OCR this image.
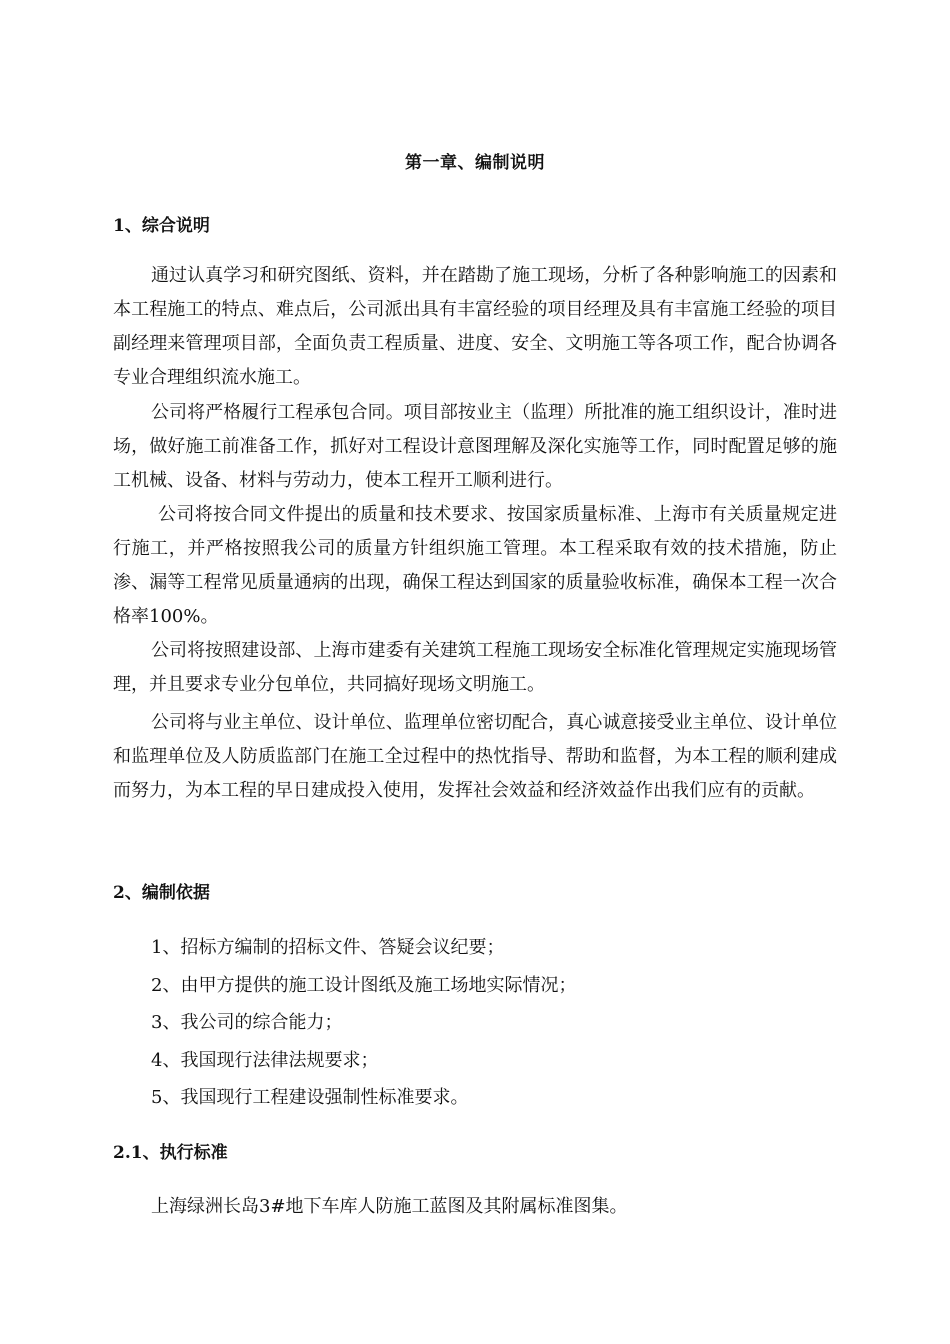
第一章、编制说明
1、综合说明

通过认真学习和研究图纸、资料，并在踏勘了施工现场，分析了各种影响施工的因素和本工程施工的特点、难点后，公司派出具有丰富经验的项目经理及具有丰富施工经验的项目副经理来管理项目部，全面负责工程质量、进度、安全、文明施工等各项工作，配合协调各专业合理组织流水施工。

公司将严格履行工程承包合同。项目部按业主（监理）所批准的施工组织设计，准时进场，做好施工前准备工作，抓好对工程设计意图理解及深化实施等工作，同时配置足够的施工机械、设备、材料与劳动力，使本工程开工顺利进行。

公司将按合同文件提出的质量和技术要求、按国家质量标准、上海市有关质量规定进行施工，并严格按照我公司的质量方针组织施工管理。本工程采取有效的技术措施，防止渗、漏等工程常见质量通病的出现，确保工程达到国家的质量验收标准，确保本工程一次合格率100%。

公司将按照建设部、上海市建委有关建筑工程施工现场安全标准化管理规定实施现场管理，并且要求专业分包单位，共同搞好现场文明施工。

公司将与业主单位、设计单位、监理单位密切配合，真心诚意接受业主单位、设计单位和监理单位及人防质监部门在施工全过程中的热忱指导、帮助和监督，为本工程的顺利建成而努力，为本工程的早日建成投入使用，发挥社会效益和经济效益作出我们应有的贡献。

2、编制依据
1、招标方编制的招标文件、答疑会议纪要；
2、由甲方提供的施工设计图纸及施工场地实际情况；
3、我公司的综合能力；
4、我国现行法律法规要求；
5、我国现行工程建设强制性标准要求。
2.1、执行标准

上海绿洲长岛3#地下车库人防施工蓝图及其附属标准图集。
